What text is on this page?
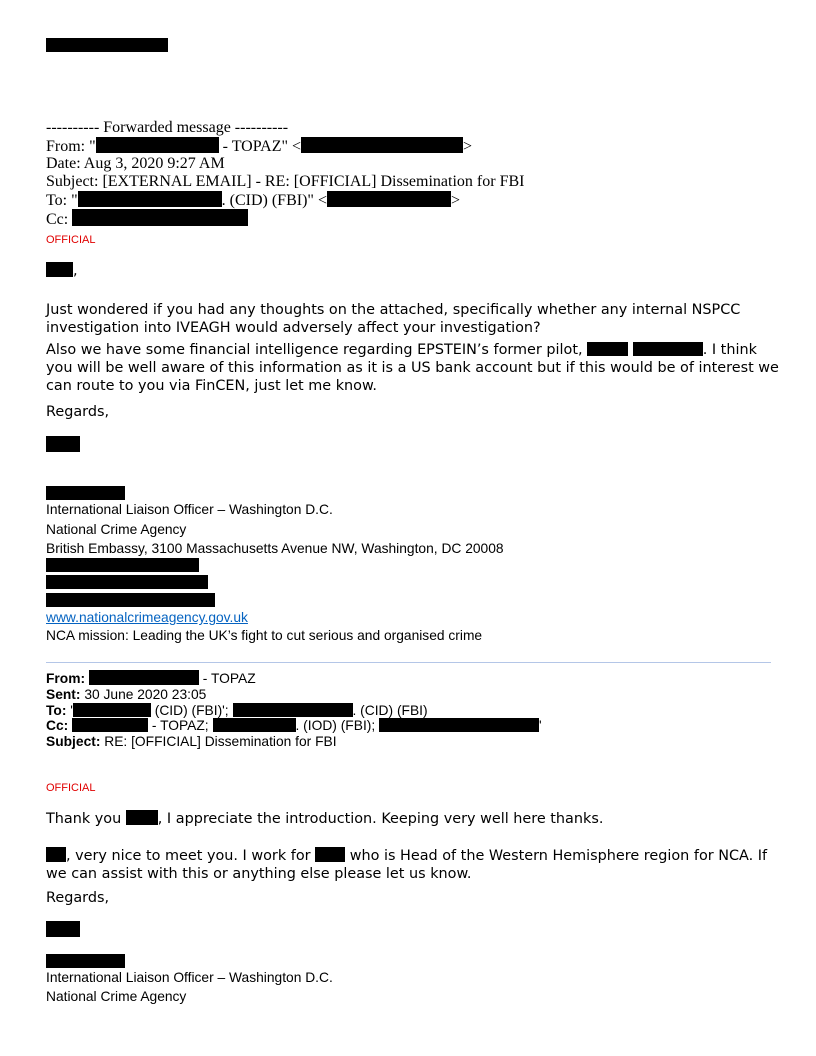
---------- Forwarded message ----------
From: "	- TOPAZ" <	>
Date: Aug 3, 2020 9:27 AM
Subject: [EXTERNAL EMAIL] - RE: [OFFICIAL] Dissemination for FBI
To: "	. (CID) (FBI)" <	>
Cc:
OFFICIAL
,
Just wondered if you had any thoughts on the attached, specifically whether any internal NSPCC investigation into IVEAGH would adversely affect your investigation?
Also we have some financial intelligence regarding EPSTEIN’s former pilot,	. I think you will be well aware of this information as it is a US bank account but if this would be of interest we can route to you via FinCEN, just let me know.
Regards,
International Liaison Officer – Washington D.C.
National Crime Agency
British Embassy, 3100 Massachusetts Avenue NW, Washington, DC 20008
www.nationalcrimeagency.gov.uk
NCA mission: Leading the UK’s fight to cut serious and organised crime
From:	- TOPAZ
Sent: 30 June 2020 23:05
To: '	(CID) (FBI)';	. (CID) (FBI)
Cc:	- TOPAZ;	. (IOD) (FBI);	'
Subject: RE: [OFFICIAL] Dissemination for FBI
OFFICIAL
Thank you , I appreciate the introduction. Keeping very well here thanks.
, very nice to meet you. I work for  who is Head of the Western Hemisphere region for NCA. If we can assist with this or anything else please let us know.
Regards,
International Liaison Officer – Washington D.C.
National Crime Agency
